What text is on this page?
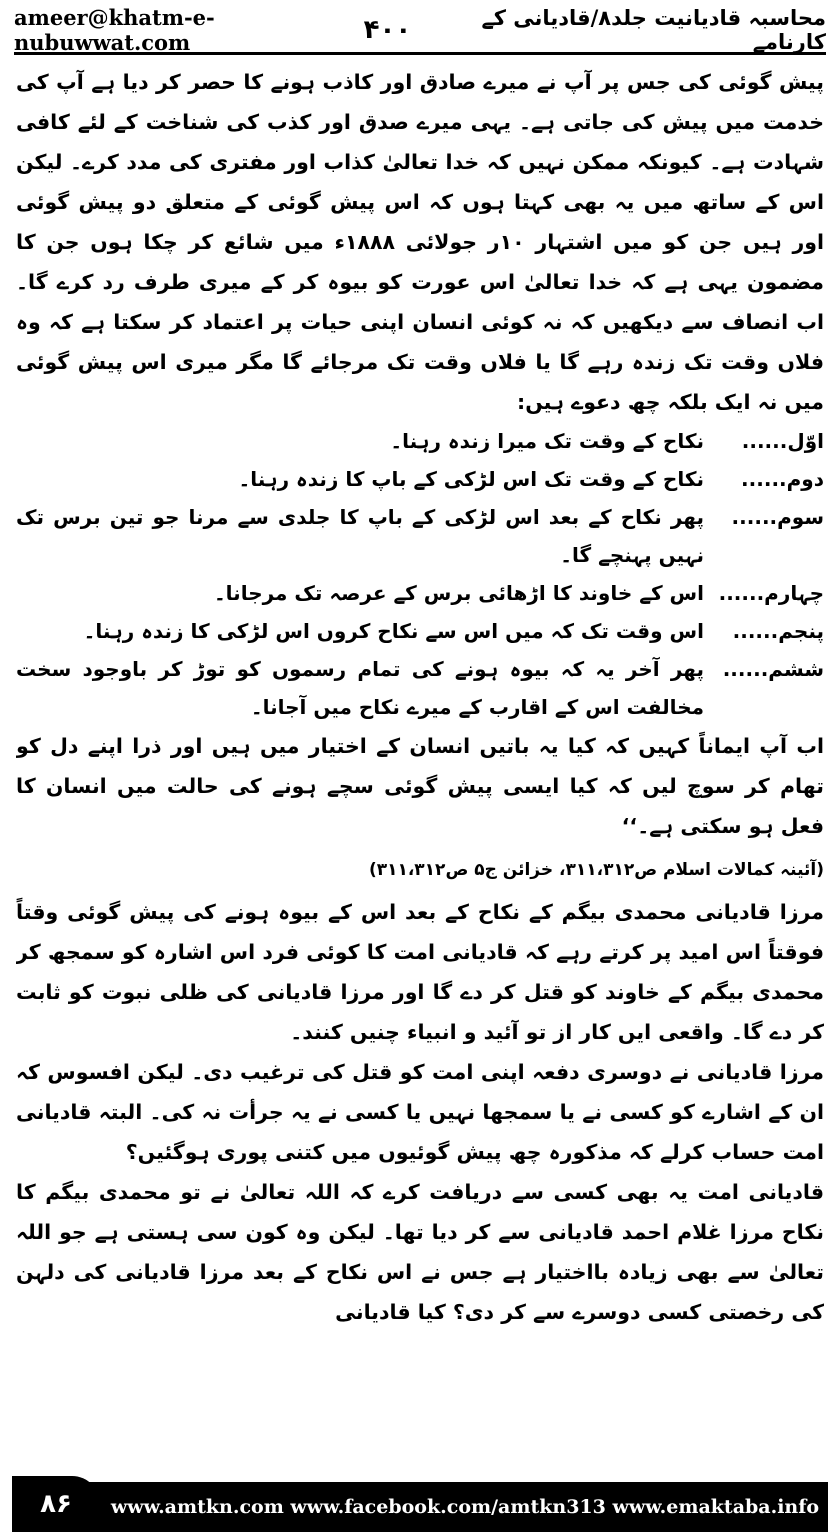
ameer@khatm-e-nubuwwat.com	۴۰۰	محاسبہ قادیانیت جلد۸/قادیانی کے کارنامے

پیش گوئی کی جس پر آپ نے میرے صادق اور کاذب ہونے کا حصر کر دیا ہے آپ کی خدمت میں پیش کی جاتی ہے۔ یہی میرے صدق اور کذب کی شناخت کے لئے کافی شہادت ہے۔ کیونکہ ممکن نہیں کہ خدا تعالیٰ کذاب اور مفتری کی مدد کرے۔ لیکن اس کے ساتھ میں یہ بھی کہتا ہوں کہ اس پیش گوئی کے متعلق دو پیش گوئی اور ہیں جن کو میں اشتہار ۱۰ر جولائی ۱۸۸۸ء میں شائع کر چکا ہوں جن کا مضمون یہی ہے کہ خدا تعالیٰ اس عورت کو بیوہ کر کے میری طرف رد کرے گا۔ اب انصاف سے دیکھیں کہ نہ کوئی انسان اپنی حیات پر اعتماد کر سکتا ہے کہ وہ فلاں وقت تک زندہ رہے گا یا فلاں وقت تک مرجائے گا مگر میری اس پیش گوئی میں نہ ایک بلکہ چھ دعوے ہیں:

اوّل......
نکاح کے وقت تک میرا زندہ رہنا۔
دوم......
نکاح کے وقت تک اس لڑکی کے باپ کا زندہ رہنا۔
سوم......
پھر نکاح کے بعد اس لڑکی کے باپ کا جلدی سے مرنا جو تین برس تک نہیں پہنچے گا۔
چہارم......
اس کے خاوند کا اڑھائی برس کے عرصہ تک مرجانا۔
پنجم......
اس وقت تک کہ میں اس سے نکاح کروں اس لڑکی کا زندہ رہنا۔
ششم......
پھر آخر یہ کہ بیوہ ہونے کی تمام رسموں کو توڑ کر باوجود سخت مخالفت اس کے اقارب کے میرے نکاح میں آجانا۔

اب آپ ایماناً کہیں کہ کیا یہ باتیں انسان کے اختیار میں ہیں اور ذرا اپنے دل کو تھام کر سوچ لیں کہ کیا ایسی پیش گوئی سچے ہونے کی حالت میں انسان کا فعل ہو سکتی ہے۔‘‘

(آئینہ کمالات اسلام ص۳۱۱،۳۱۲، خزائن ج۵ ص۳۱۱،۳۱۲)

مرزا قادیانی محمدی بیگم کے نکاح کے بعد اس کے بیوہ ہونے کی پیش گوئی وقتاً فوقتاً اس امید پر کرتے رہے کہ قادیانی امت کا کوئی فرد اس اشارہ کو سمجھ کر محمدی بیگم کے خاوند کو قتل کر دے گا اور مرزا قادیانی کی ظلی نبوت کو ثابت کر دے گا۔ واقعی ایں کار از تو آئید و انبیاء چنیں کنند۔

مرزا قادیانی نے دوسری دفعہ اپنی امت کو قتل کی ترغیب دی۔ لیکن افسوس کہ ان کے اشارے کو کسی نے یا سمجھا نہیں یا کسی نے یہ جرأت نہ کی۔ البتہ قادیانی امت حساب کرلے کہ مذکورہ چھ پیش گوئیوں میں کتنی پوری ہوگئیں؟

قادیانی امت یہ بھی کسی سے دریافت کرے کہ اللہ تعالیٰ نے تو محمدی بیگم کا نکاح مرزا غلام احمد قادیانی سے کر دیا تھا۔ لیکن وہ کون سی ہستی ہے جو اللہ تعالیٰ سے بھی زیادہ بااختیار ہے جس نے اس نکاح کے بعد مرزا قادیانی کی دلہن کی رخصتی کسی دوسرے سے کر دی؟ کیا قادیانی

۸۶	www.amtkn.com www.facebook.com/amtkn313 www.emaktaba.info
